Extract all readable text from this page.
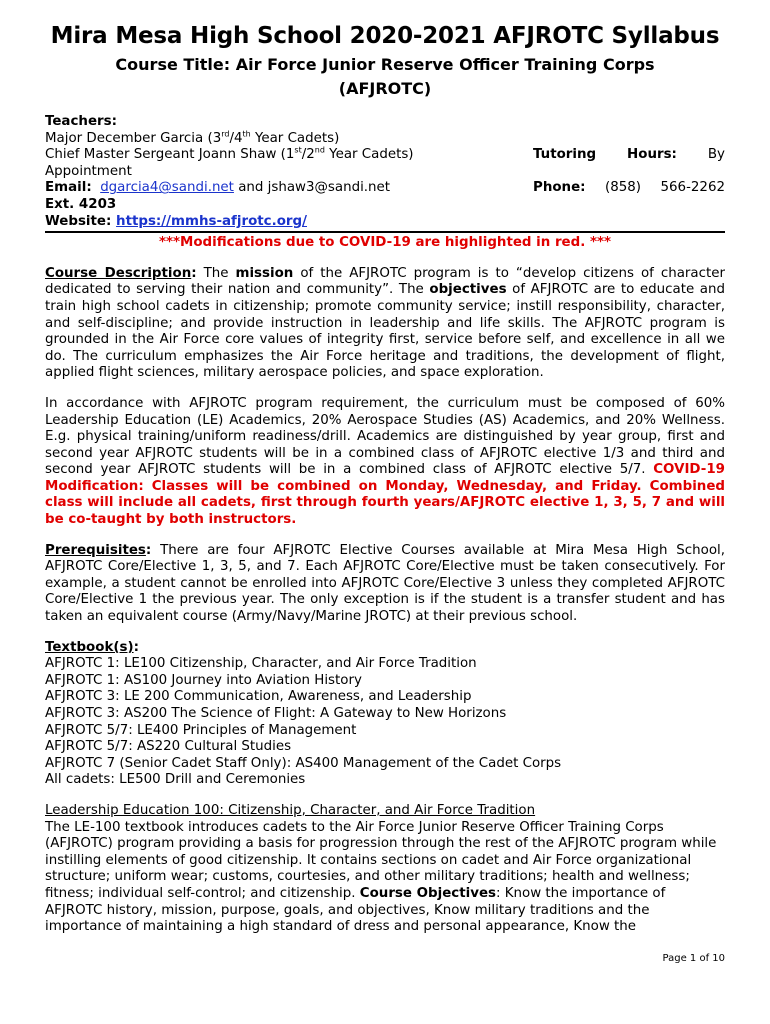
Mira Mesa High School 2020-2021 AFJROTC Syllabus
Course Title: Air Force Junior Reserve Officer Training Corps
(AFJROTC)
Teachers:
Major December Garcia (3rd/4th Year Cadets)
Chief Master Sergeant Joann Shaw (1st/2nd Year Cadets)	Tutoring Hours: By
Appointment
Email: dgarcia4@sandi.net and jshaw3@sandi.net	Phone: (858) 566-2262
Ext. 4203
Website: https://mmhs-afjrotc.org/
***Modifications due to COVID-19 are highlighted in red. ***

Course Description: The mission of the AFJROTC program is to “develop citizens of character dedicated to serving their nation and community”. The objectives of AFJROTC are to educate and train high school cadets in citizenship; promote community service; instill responsibility, character, and self-discipline; and provide instruction in leadership and life skills. The AFJROTC program is grounded in the Air Force core values of integrity first, service before self, and excellence in all we do. The curriculum emphasizes the Air Force heritage and traditions, the development of flight, applied flight sciences, military aerospace policies, and space exploration.

In accordance with AFJROTC program requirement, the curriculum must be composed of 60% Leadership Education (LE) Academics, 20% Aerospace Studies (AS) Academics, and 20% Wellness. E.g. physical training/uniform readiness/drill. Academics are distinguished by year group, first and second year AFJROTC students will be in a combined class of AFJROTC elective 1/3 and third and second year AFJROTC students will be in a combined class of AFJROTC elective 5/7. COVID-19 Modification: Classes will be combined on Monday, Wednesday, and Friday. Combined class will include all cadets, first through fourth years/AFJROTC elective 1, 3, 5, 7 and will be co-taught by both instructors.

Prerequisites: There are four AFJROTC Elective Courses available at Mira Mesa High School, AFJROTC Core/Elective 1, 3, 5, and 7. Each AFJROTC Core/Elective must be taken consecutively. For example, a student cannot be enrolled into AFJROTC Core/Elective 3 unless they completed AFJROTC Core/Elective 1 the previous year. The only exception is if the student is a transfer student and has taken an equivalent course (Army/Navy/Marine JROTC) at their previous school.

Textbook(s):
AFJROTC 1: LE100 Citizenship, Character, and Air Force Tradition
AFJROTC 1: AS100 Journey into Aviation History
AFJROTC 3: LE 200 Communication, Awareness, and Leadership
AFJROTC 3: AS200 The Science of Flight: A Gateway to New Horizons
AFJROTC 5/7: LE400 Principles of Management
AFJROTC 5/7: AS220 Cultural Studies
AFJROTC 7 (Senior Cadet Staff Only): AS400 Management of the Cadet Corps
All cadets: LE500 Drill and Ceremonies
Leadership Education 100: Citizenship, Character, and Air Force Tradition

The LE-100 textbook introduces cadets to the Air Force Junior Reserve Officer Training Corps (AFJROTC) program providing a basis for progression through the rest of the AFJROTC program while instilling elements of good citizenship. It contains sections on cadet and Air Force organizational structure; uniform wear; customs, courtesies, and other military traditions; health and wellness; fitness; individual self-control; and citizenship. Course Objectives: Know the importance of AFJROTC history, mission, purpose, goals, and objectives, Know military traditions and the importance of maintaining a high standard of dress and personal appearance, Know the

Page 1 of 10
